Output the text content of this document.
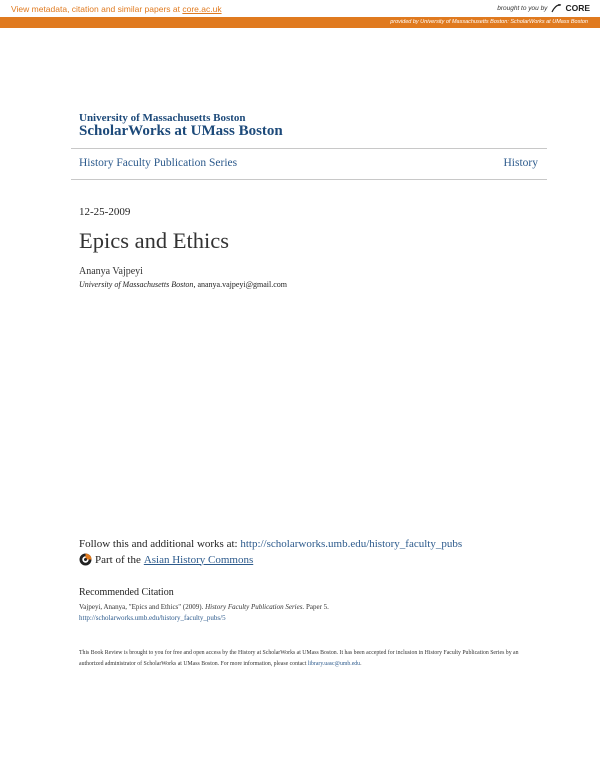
View metadata, citation and similar papers at core.ac.uk	brought to you by CORE
provided by University of Massachusetts Boston: ScholarWorks at UMass Boston
University of Massachusetts Boston
ScholarWorks at UMass Boston
History Faculty Publication Series	History
12-25-2009
Epics and Ethics
Ananya Vajpeyi
University of Massachusetts Boston, ananya.vajpeyi@gmail.com
Follow this and additional works at: http://scholarworks.umb.edu/history_faculty_pubs
Part of the Asian History Commons
Recommended Citation
Vajpeyi, Ananya, "Epics and Ethics" (2009). History Faculty Publication Series. Paper 5.
http://scholarworks.umb.edu/history_faculty_pubs/5
This Book Review is brought to you for free and open access by the History at ScholarWorks at UMass Boston. It has been accepted for inclusion in History Faculty Publication Series by an authorized administrator of ScholarWorks at UMass Boston. For more information, please contact library.uasc@umb.edu.
